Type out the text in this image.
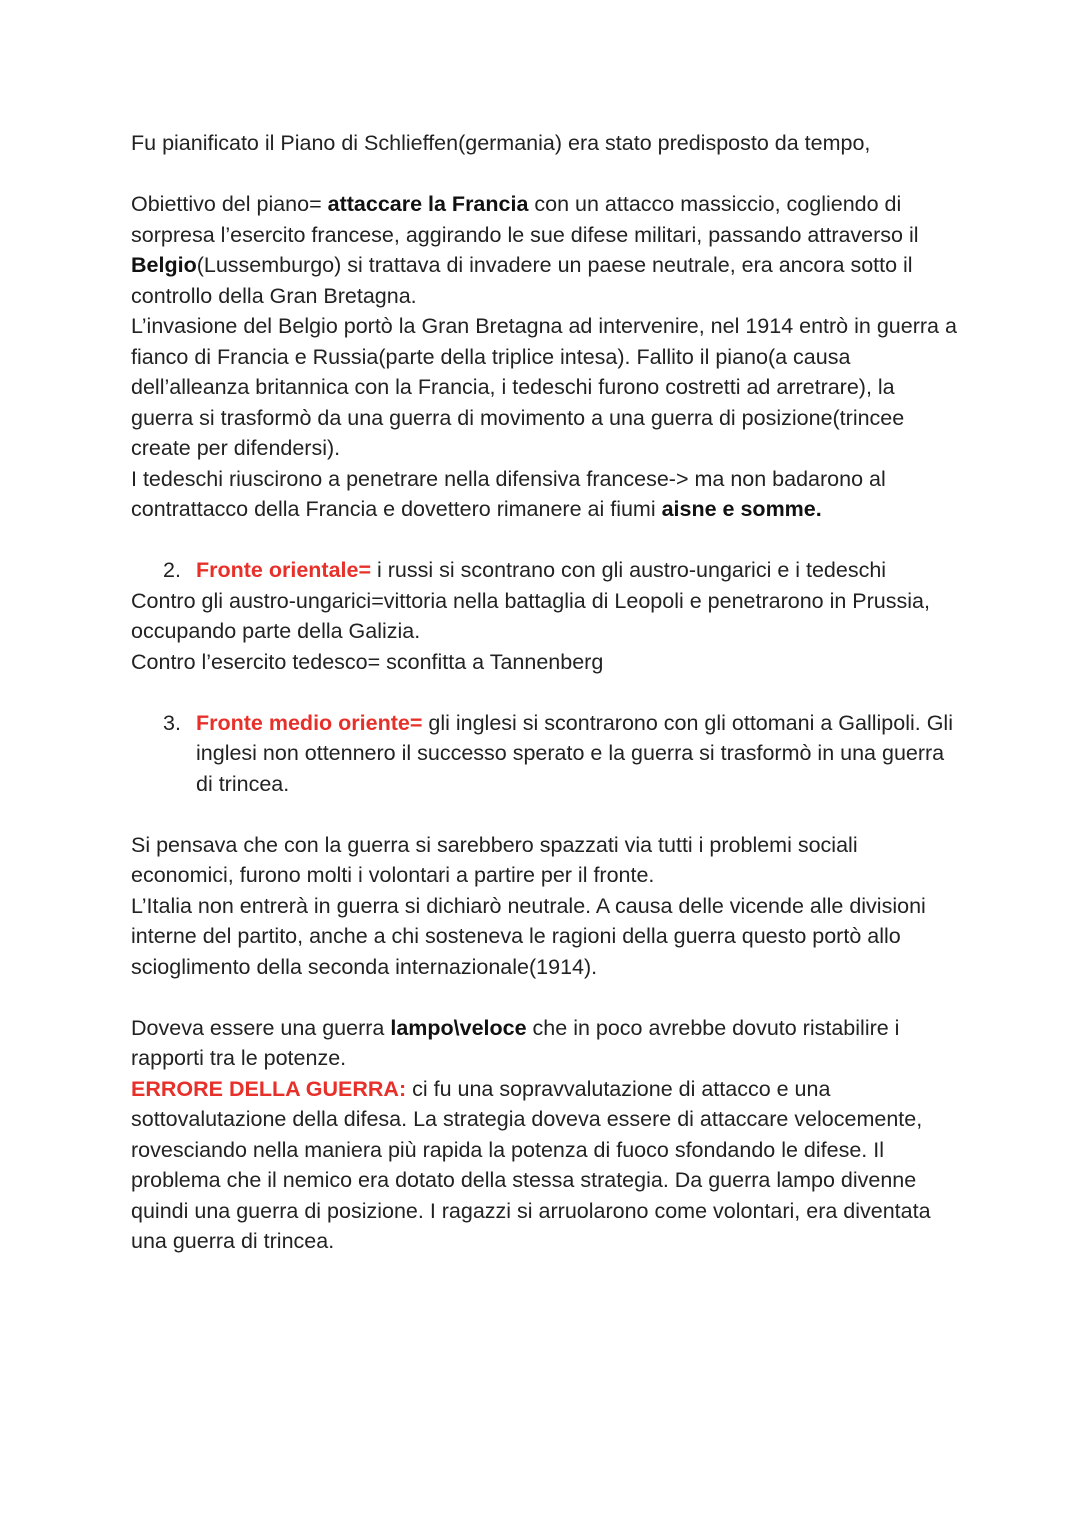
Fu pianificato il Piano di Schlieffen(germania) era stato predisposto da tempo,

Obiettivo del piano= attaccare la Francia con un attacco massiccio, cogliendo di sorpresa l’esercito francese, aggirando le sue difese militari, passando attraverso il Belgio(Lussemburgo) si trattava di invadere un paese neutrale, era ancora sotto il controllo della Gran Bretagna.

L’invasione del Belgio portò la Gran Bretagna ad intervenire, nel 1914 entrò in guerra a fianco di Francia e Russia(parte della triplice intesa). Fallito il piano(a causa dell’alleanza britannica con la Francia, i tedeschi furono costretti ad arretrare), la guerra si trasformò da una guerra di movimento a una guerra di posizione(trincee create per difendersi).

I tedeschi riuscirono a penetrare nella difensiva francese-> ma non badarono al contrattacco della Francia e dovettero rimanere ai fiumi aisne e somme.

2. Fronte orientale= i russi si scontrano con gli austro-ungarici e i tedeschi

Contro gli austro-ungarici=vittoria nella battaglia di Leopoli e penetrarono in Prussia, occupando parte della Galizia.

Contro l’esercito tedesco= sconfitta a Tannenberg

3. Fronte medio oriente= gli inglesi si scontrarono con gli ottomani a Gallipoli. Gli inglesi non ottennero il successo sperato e la guerra si trasformò in una guerra di trincea.

Si pensava che con la guerra si sarebbero spazzati via tutti i problemi sociali economici, furono molti i volontari a partire per il fronte.

L’Italia non entrerà in guerra si dichiarò neutrale. A causa delle vicende alle divisioni interne del partito, anche a chi sosteneva le ragioni della guerra questo portò allo scioglimento della seconda internazionale(1914).

Doveva essere una guerra lampo\veloce che in poco avrebbe dovuto ristabilire i rapporti tra le potenze.

ERRORE DELLA GUERRA: ci fu una sopravvalutazione di attacco e una sottovalutazione della difesa. La strategia doveva essere di attaccare velocemente, rovesciando nella maniera più rapida la potenza di fuoco sfondando le difese. Il problema che il nemico era dotato della stessa strategia. Da guerra lampo divenne quindi una guerra di posizione. I ragazzi si arruolarono come volontari, era diventata una guerra di trincea.
